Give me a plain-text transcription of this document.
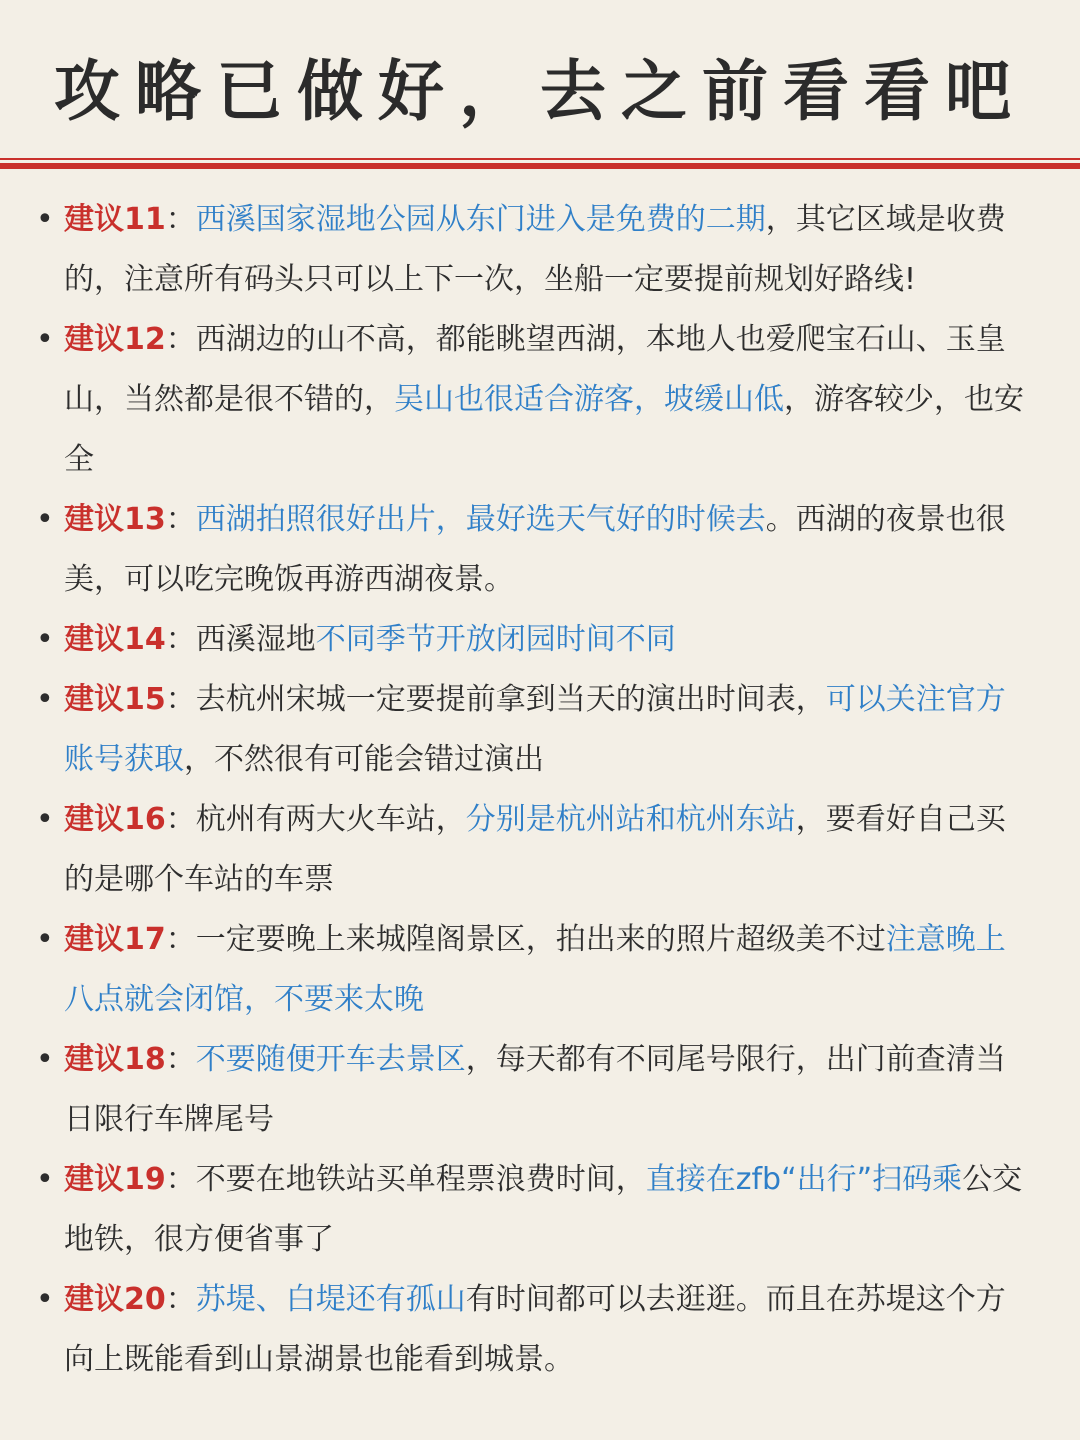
攻略已做好，去之前看看吧
• 建议11：西溪国家湿地公园从东门进入是免费的二期，其它区域是收费的，注意所有码头只可以上下一次，坐船一定要提前规划好路线!
• 建议12：西湖边的山不高，都能眺望西湖，本地人也爱爬宝石山、玉皇山，当然都是很不错的，吴山也很适合游客，坡缓山低，游客较少，也安全
• 建议13：西湖拍照很好出片，最好选天气好的时候去。西湖的夜景也很美，可以吃完晚饭再游西湖夜景。
• 建议14：西溪湿地不同季节开放闭园时间不同
• 建议15：去杭州宋城一定要提前拿到当天的演出时间表，可以关注官方账号获取，不然很有可能会错过演出
• 建议16：杭州有两大火车站，分别是杭州站和杭州东站，要看好自己买的是哪个车站的车票
• 建议17：一定要晚上来城隍阁景区，拍出来的照片超级美不过注意晚上八点就会闭馆，不要来太晚
• 建议18：不要随便开车去景区，每天都有不同尾号限行，出门前查清当日限行车牌尾号
• 建议19：不要在地铁站买单程票浪费时间，直接在zfb“出行”扫码乘公交地铁，很方便省事了
• 建议20：苏堤、白堤还有孤山有时间都可以去逛逛。而且在苏堤这个方向上既能看到山景湖景也能看到城景。
